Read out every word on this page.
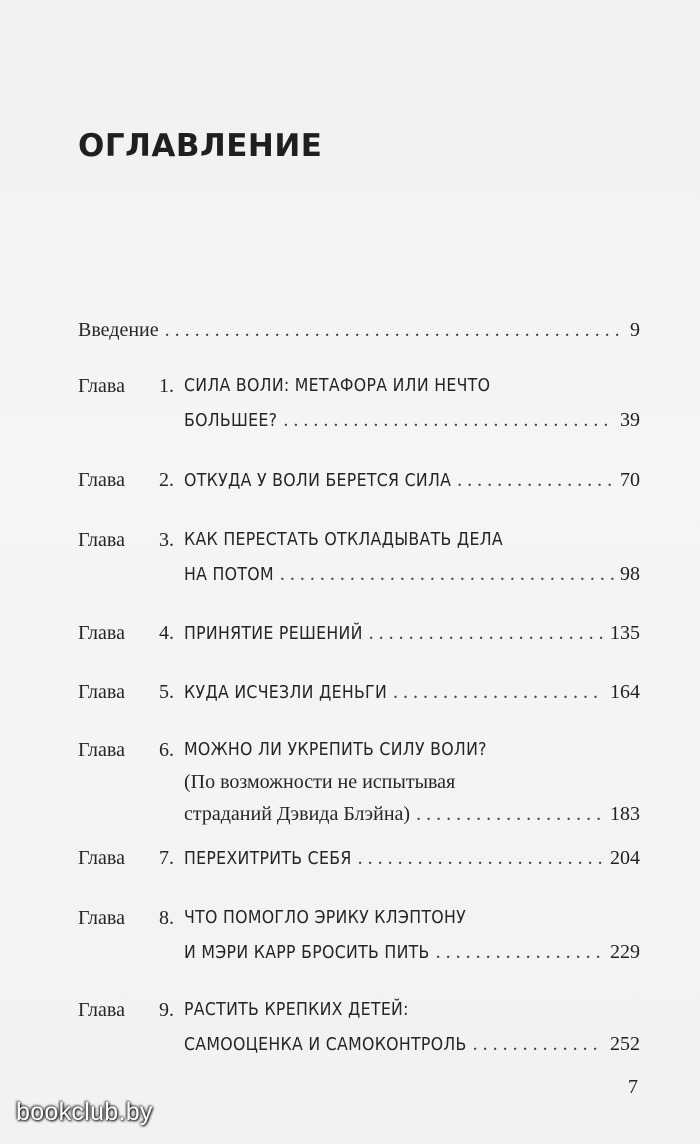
ОГЛАВЛЕНИЕ
Введение . . .	9
Глава 1. СИЛА ВОЛИ: МЕТАФОРА ИЛИ НЕЧТО
БОЛЬШЕЕ? . . .	39
Глава 2. ОТКУДА У ВОЛИ БЕРЕТСЯ СИЛА . . .	70
Глава 3. КАК ПЕРЕСТАТЬ ОТКЛАДЫВАТЬ ДЕЛА
НА ПОТОМ . . .	98
Глава 4. ПРИНЯТИЕ РЕШЕНИЙ . . .	135
Глава 5. КУДА ИСЧЕЗЛИ ДЕНЬГИ . . .	164
Глава 6. МОЖНО ЛИ УКРЕПИТЬ СИЛУ ВОЛИ?
(По возможности не испытывая
страданий Дэвида Блэйна) . . .	183
Глава 7. ПЕРЕХИТРИТЬ СЕБЯ . . .	204
Глава 8. ЧТО ПОМОГЛО ЭРИКУ КЛЭПТОНУ
И МЭРИ КАРР БРОСИТЬ ПИТЬ . . .	229
Глава 9. РАСТИТЬ КРЕПКИХ ДЕТЕЙ:
САМООЦЕНКА И САМОКОНТРОЛЬ . . .	252
7
bookclub.by
